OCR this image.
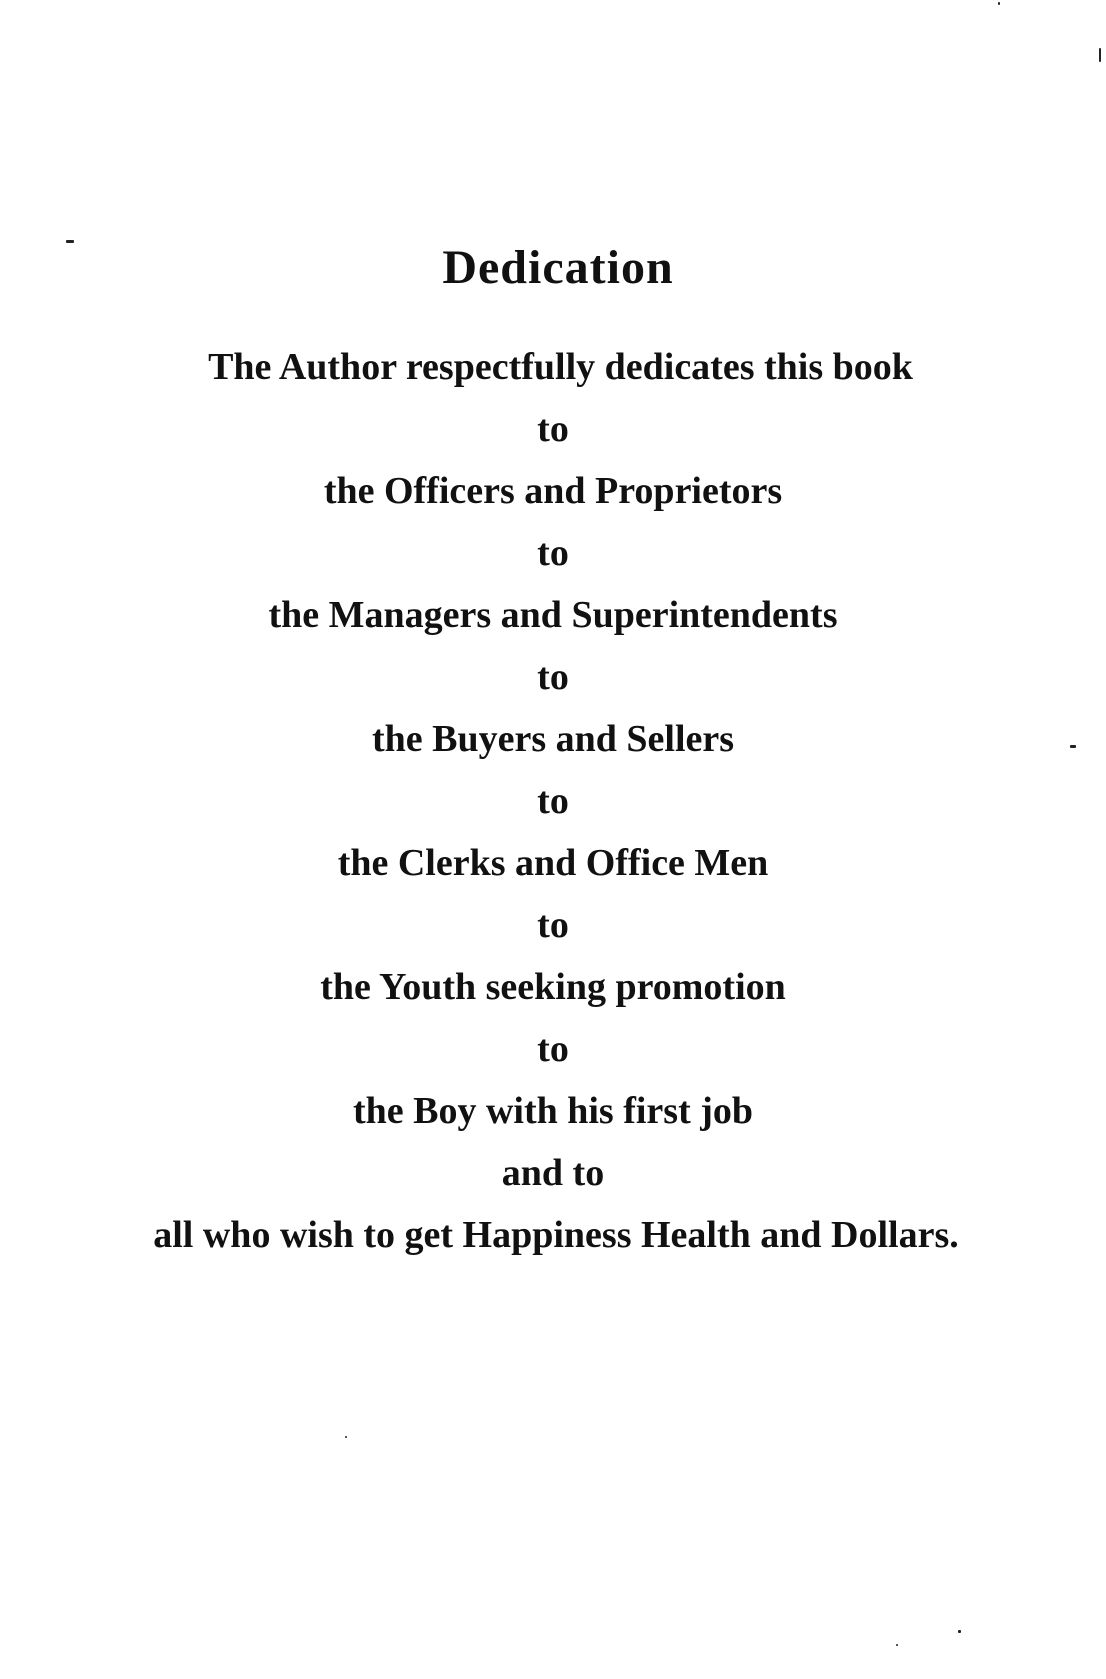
Dedication
The Author respectfully dedicates this book
to
the Officers and Proprietors
to
the Managers and Superintendents
to
the Buyers and Sellers
to
the Clerks and Office Men
to
the Youth seeking promotion
to
the Boy with his first job
and to
all who wish to get Happiness Health and Dollars.
